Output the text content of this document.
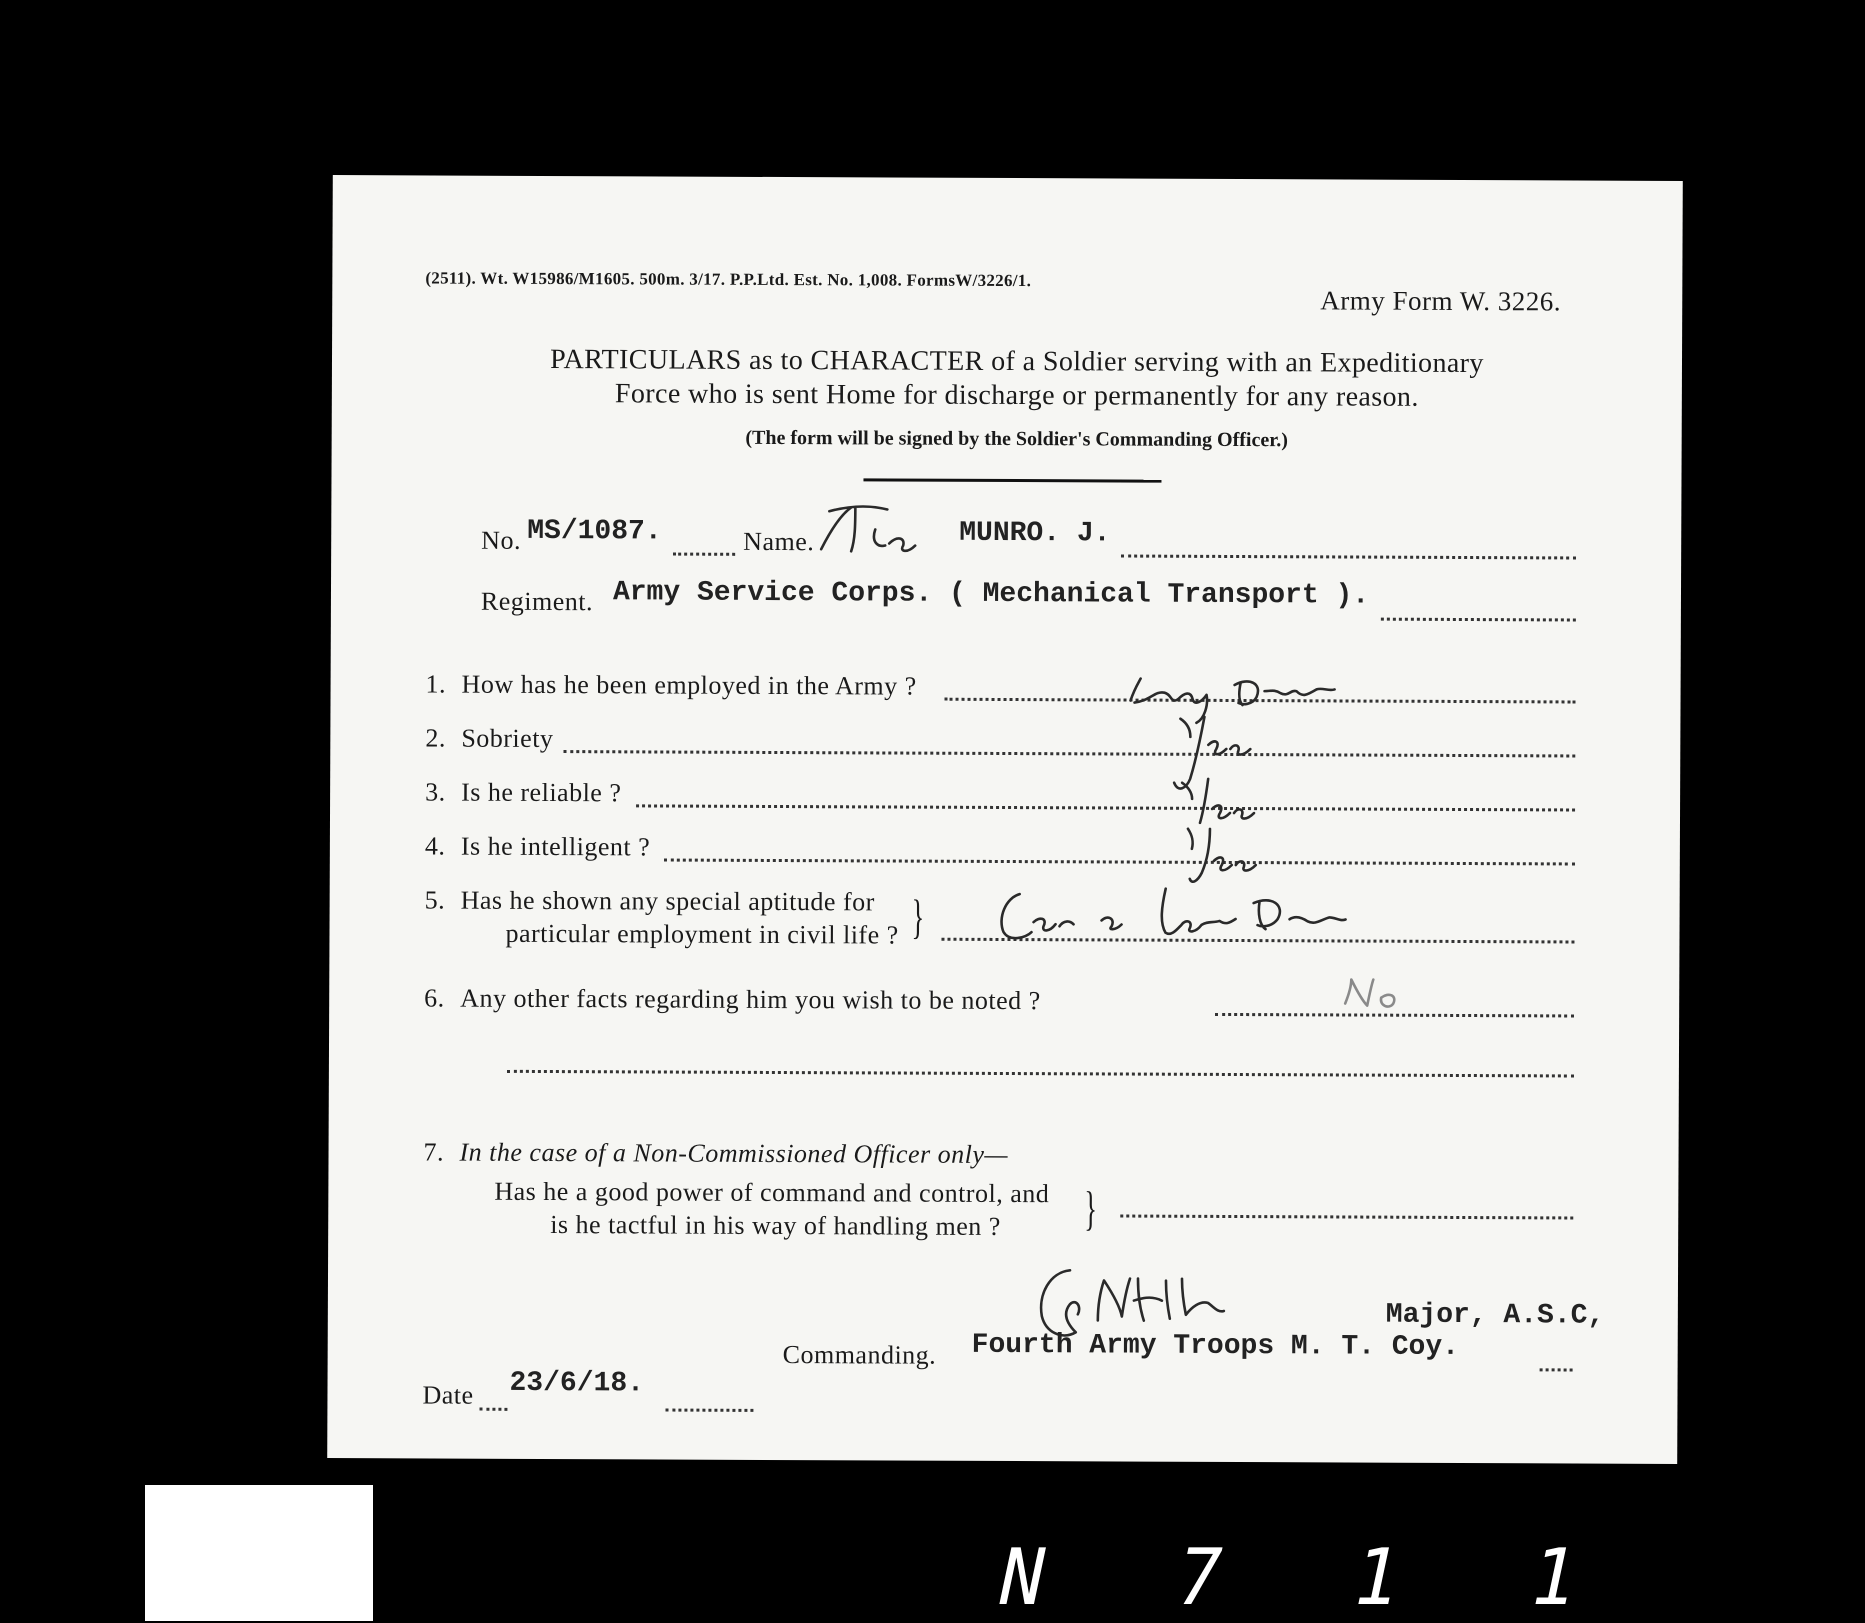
(2511). Wt. W15986/M1605. 500m. 3/17. P.P.Ltd. Est. No. 1,008. FormsW/3226/1.
Army Form W. 3226.
PARTICULARS as to CHARACTER of a Soldier serving with an Expeditionary
Force who is sent Home for discharge or permanently for any reason.
(The form will be signed by the Soldier's Commanding Officer.)
No. MS/1087.	Name.	MUNRO. J.
Regiment. Army Service Corps. ( Mechanical Transport ).
1. How has he been employed in the Army ?
2. Sobriety
3. Is he reliable ?
4. Is he intelligent ?
5. Has he shown any special aptitude for
particular employment in civil life ? }
6. Any other facts regarding him you wish to be noted ?
7. In the case of a Non-Commissioned Officer only—
Has he a good power of command and control, and
is he tactful in his way of handling men ? }
Major, A.S.C,
Commanding. Fourth Army Troops M. T. Coy.
Date 23/6/18.
N 7 1 1
